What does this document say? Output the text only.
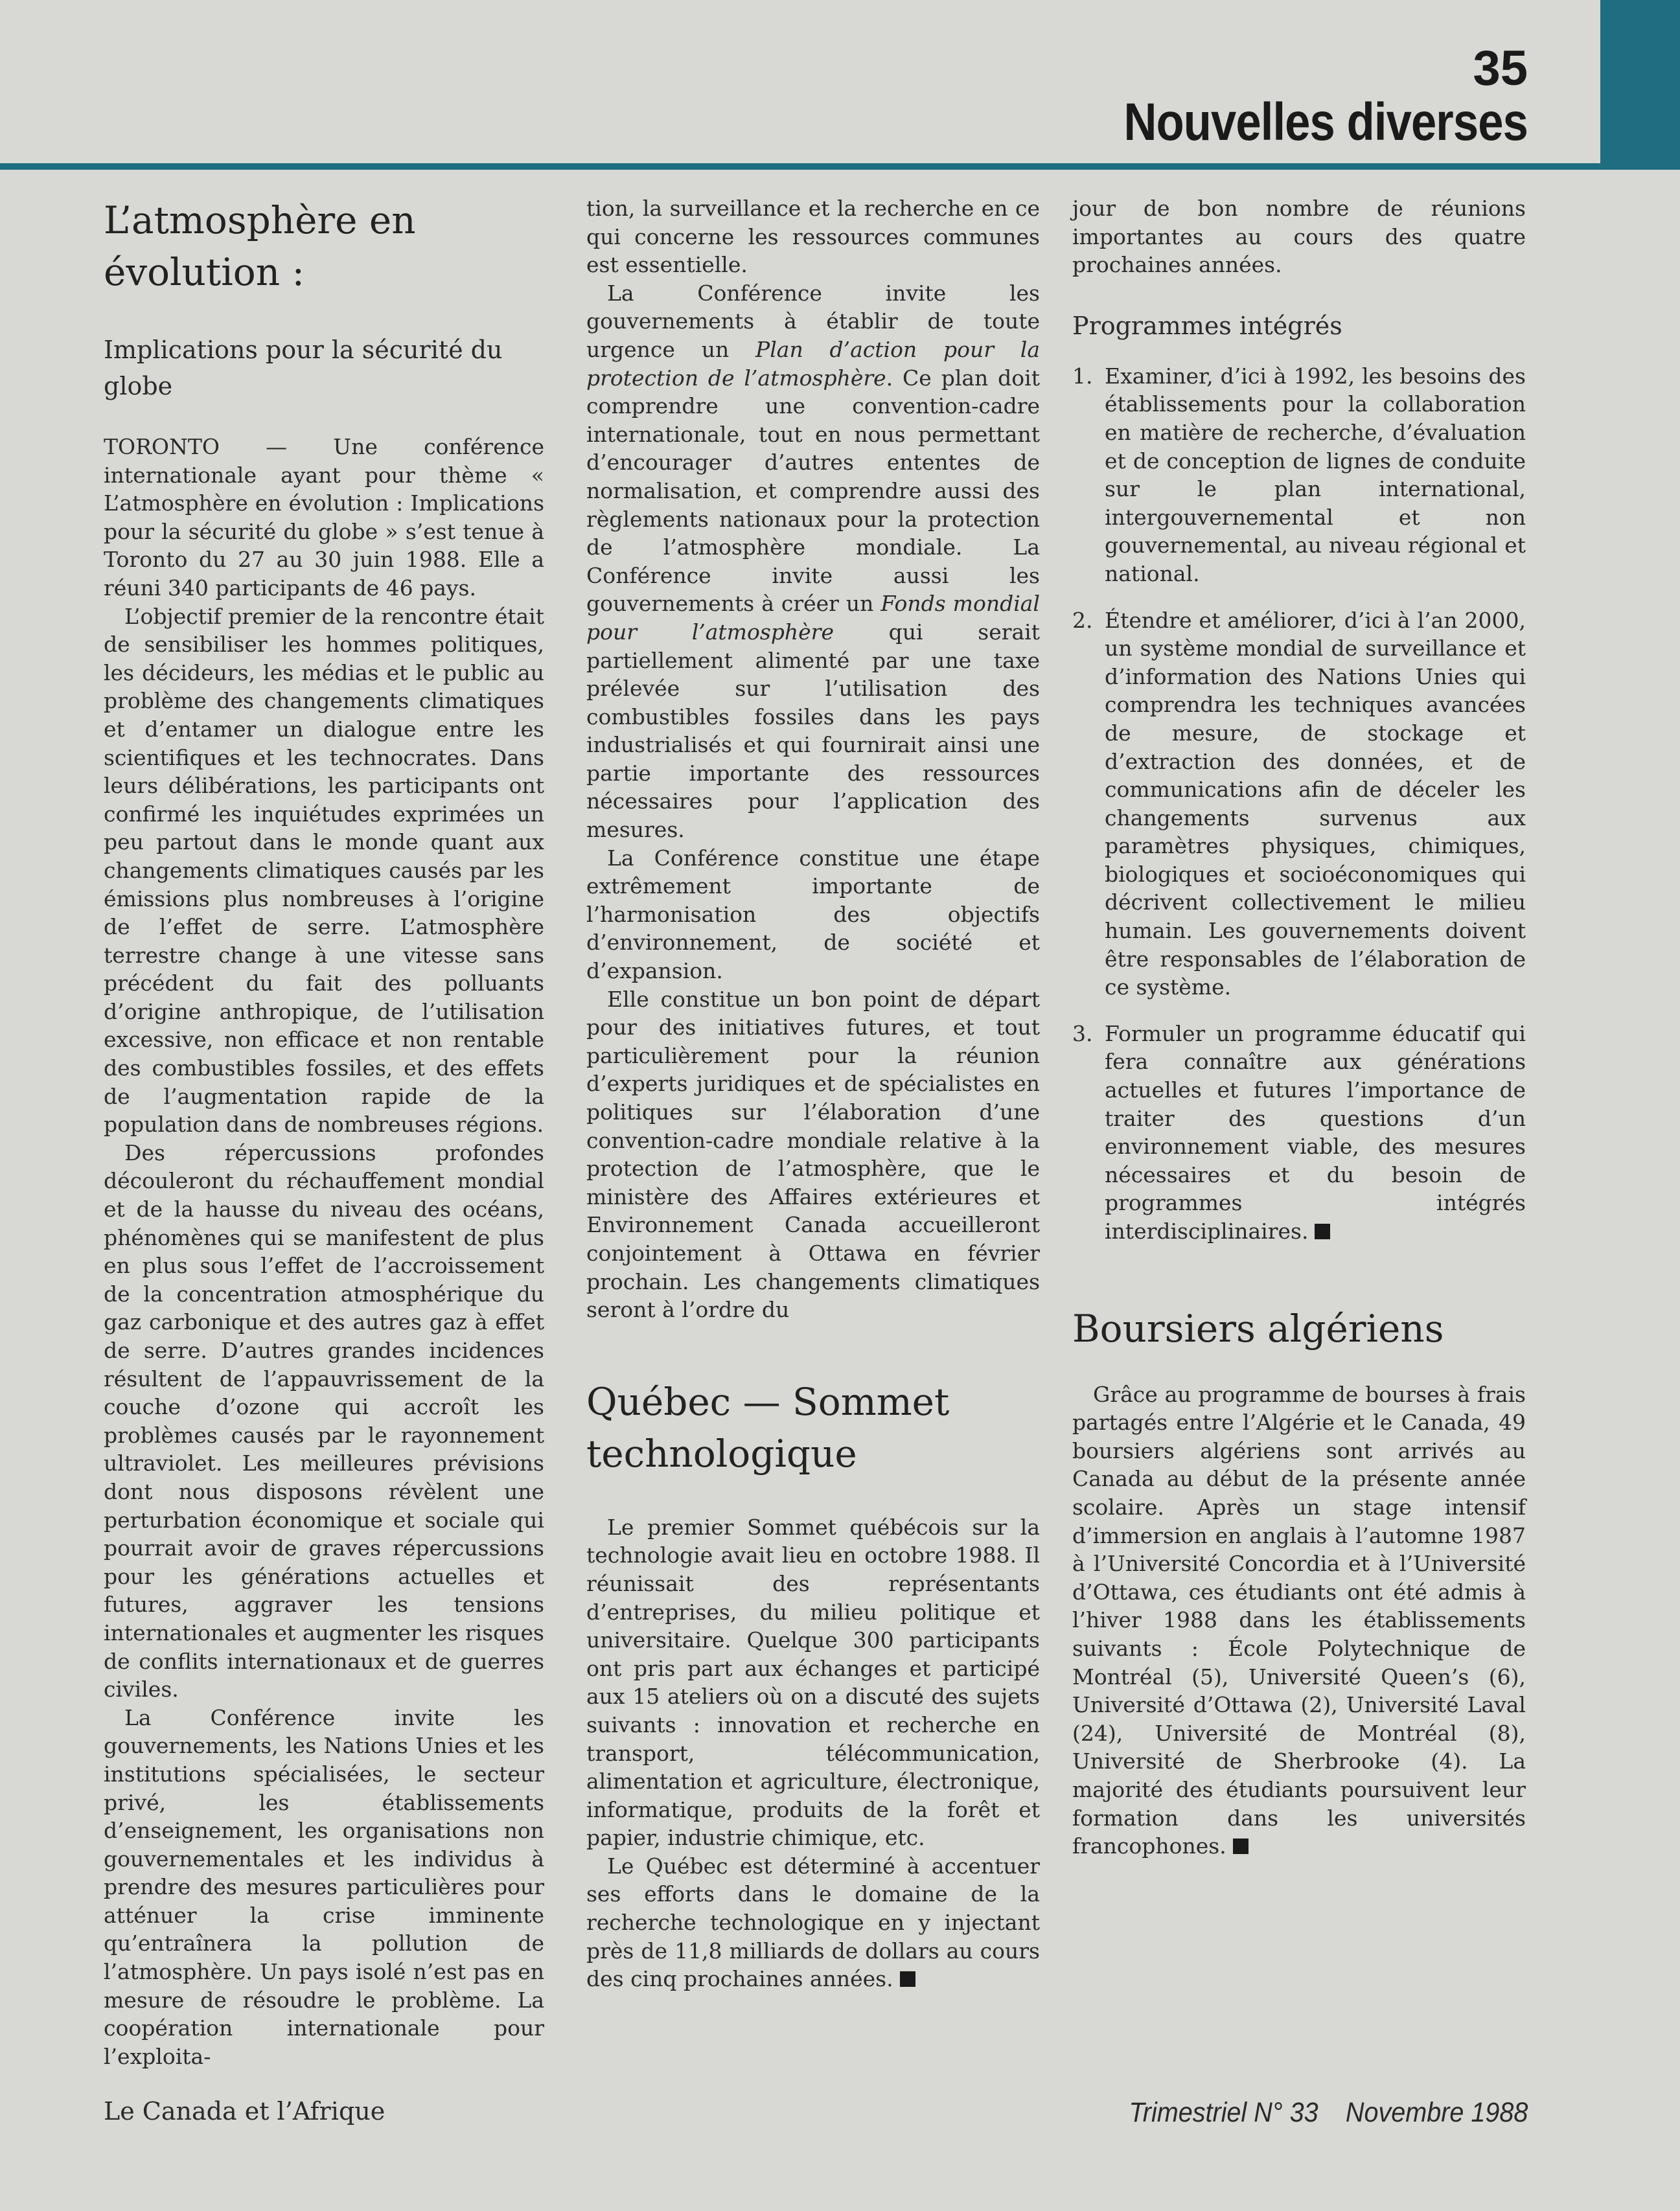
35
Nouvelles diverses
L’atmosphère en évolution :
Implications pour la sécurité du globe

TORONTO — Une conférence internationale ayant pour thème « L’atmosphère en évolution : Implications pour la sécurité du globe » s’est tenue à Toronto du 27 au 30 juin 1988. Elle a réuni 340 participants de 46 pays.

L’objectif premier de la rencontre était de sensibiliser les hommes politiques, les décideurs, les médias et le public au problème des changements climatiques et d’entamer un dialogue entre les scientifiques et les technocrates. Dans leurs délibérations, les participants ont confirmé les inquiétudes exprimées un peu partout dans le monde quant aux changements climatiques causés par les émissions plus nombreuses à l’origine de l’effet de serre. L’atmosphère terrestre change à une vitesse sans précédent du fait des polluants d’origine anthropique, de l’utilisation excessive, non efficace et non rentable des combustibles fossiles, et des effets de l’augmentation rapide de la population dans de nombreuses régions.

Des répercussions profondes découleront du réchauffement mondial et de la hausse du niveau des océans, phénomènes qui se manifestent de plus en plus sous l’effet de l’accroissement de la concentration atmosphérique du gaz carbonique et des autres gaz à effet de serre. D’autres grandes incidences résultent de l’appauvrissement de la couche d’ozone qui accroît les problèmes causés par le rayonnement ultraviolet. Les meilleures prévisions dont nous disposons révèlent une perturbation économique et sociale qui pourrait avoir de graves répercussions pour les générations actuelles et futures, aggraver les tensions internationales et augmenter les risques de conflits internationaux et de guerres civiles.

La Conférence invite les gouvernements, les Nations Unies et les institutions spécialisées, le secteur privé, les établissements d’enseignement, les organisations non gouvernementales et les individus à prendre des mesures particulières pour atténuer la crise imminente qu’entraînera la pollution de l’atmosphère. Un pays isolé n’est pas en mesure de résoudre le problème. La coopération internationale pour l’exploita-

tion, la surveillance et la recherche en ce qui concerne les ressources communes est essentielle.

La Conférence invite les gouvernements à établir de toute urgence un Plan d’action pour la protection de l’atmosphère. Ce plan doit comprendre une convention-cadre internationale, tout en nous permettant d’encourager d’autres ententes de normalisation, et comprendre aussi des règlements nationaux pour la protection de l’atmosphère mondiale. La Conférence invite aussi les gouvernements à créer un Fonds mondial pour l’atmosphère qui serait partiellement alimenté par une taxe prélevée sur l’utilisation des combustibles fossiles dans les pays industrialisés et qui fournirait ainsi une partie importante des ressources nécessaires pour l’application des mesures.

La Conférence constitue une étape extrêmement importante de l’harmonisation des objectifs d’environnement, de société et d’expansion.

Elle constitue un bon point de départ pour des initiatives futures, et tout particulièrement pour la réunion d’experts juridiques et de spécialistes en politiques sur l’élaboration d’une convention-cadre mondiale relative à la protection de l’atmosphère, que le ministère des Affaires extérieures et Environnement Canada accueilleront conjointement à Ottawa en février prochain. Les changements climatiques seront à l’ordre du

Québec — Sommet technologique

Le premier Sommet québécois sur la technologie avait lieu en octobre 1988. Il réunissait des représentants d’entreprises, du milieu politique et universitaire. Quelque 300 participants ont pris part aux échanges et participé aux 15 ateliers où on a discuté des sujets suivants : innovation et recherche en transport, télécommunication, alimentation et agriculture, électronique, informatique, produits de la forêt et papier, industrie chimique, etc.

Le Québec est déterminé à accentuer ses efforts dans le domaine de la recherche technologique en y injectant près de 11,8 milliards de dollars au cours des cinq prochaines années.

jour de bon nombre de réunions importantes au cours des quatre prochaines années.

Programmes intégrés
1. Examiner, d’ici à 1992, les besoins des établissements pour la collaboration en matière de recherche, d’évaluation et de conception de lignes de conduite sur le plan international, intergouvernemental et non gouvernemental, au niveau régional et national.
2. Étendre et améliorer, d’ici à l’an 2000, un système mondial de surveillance et d’information des Nations Unies qui comprendra les techniques avancées de mesure, de stockage et d’extraction des données, et de communications afin de déceler les changements survenus aux paramètres physiques, chimiques, biologiques et socioéconomiques qui décrivent collectivement le milieu humain. Les gouvernements doivent être responsables de l’élaboration de ce système.
3. Formuler un programme éducatif qui fera connaître aux générations actuelles et futures l’importance de traiter des questions d’un environnement viable, des mesures nécessaires et du besoin de programmes intégrés interdisciplinaires.
Boursiers algériens

Grâce au programme de bourses à frais partagés entre l’Algérie et le Canada, 49 boursiers algériens sont arrivés au Canada au début de la présente année scolaire. Après un stage intensif d’immersion en anglais à l’automne 1987 à l’Université Concordia et à l’Université d’Ottawa, ces étudiants ont été admis à l’hiver 1988 dans les établissements suivants : École Polytechnique de Montréal (5), Université Queen’s (6), Université d’Ottawa (2), Université Laval (24), Université de Montréal (8), Université de Sherbrooke (4). La majorité des étudiants poursuivent leur formation dans les universités francophones.

Le Canada et l’Afrique	Trimestriel N° 33 Novembre 1988
